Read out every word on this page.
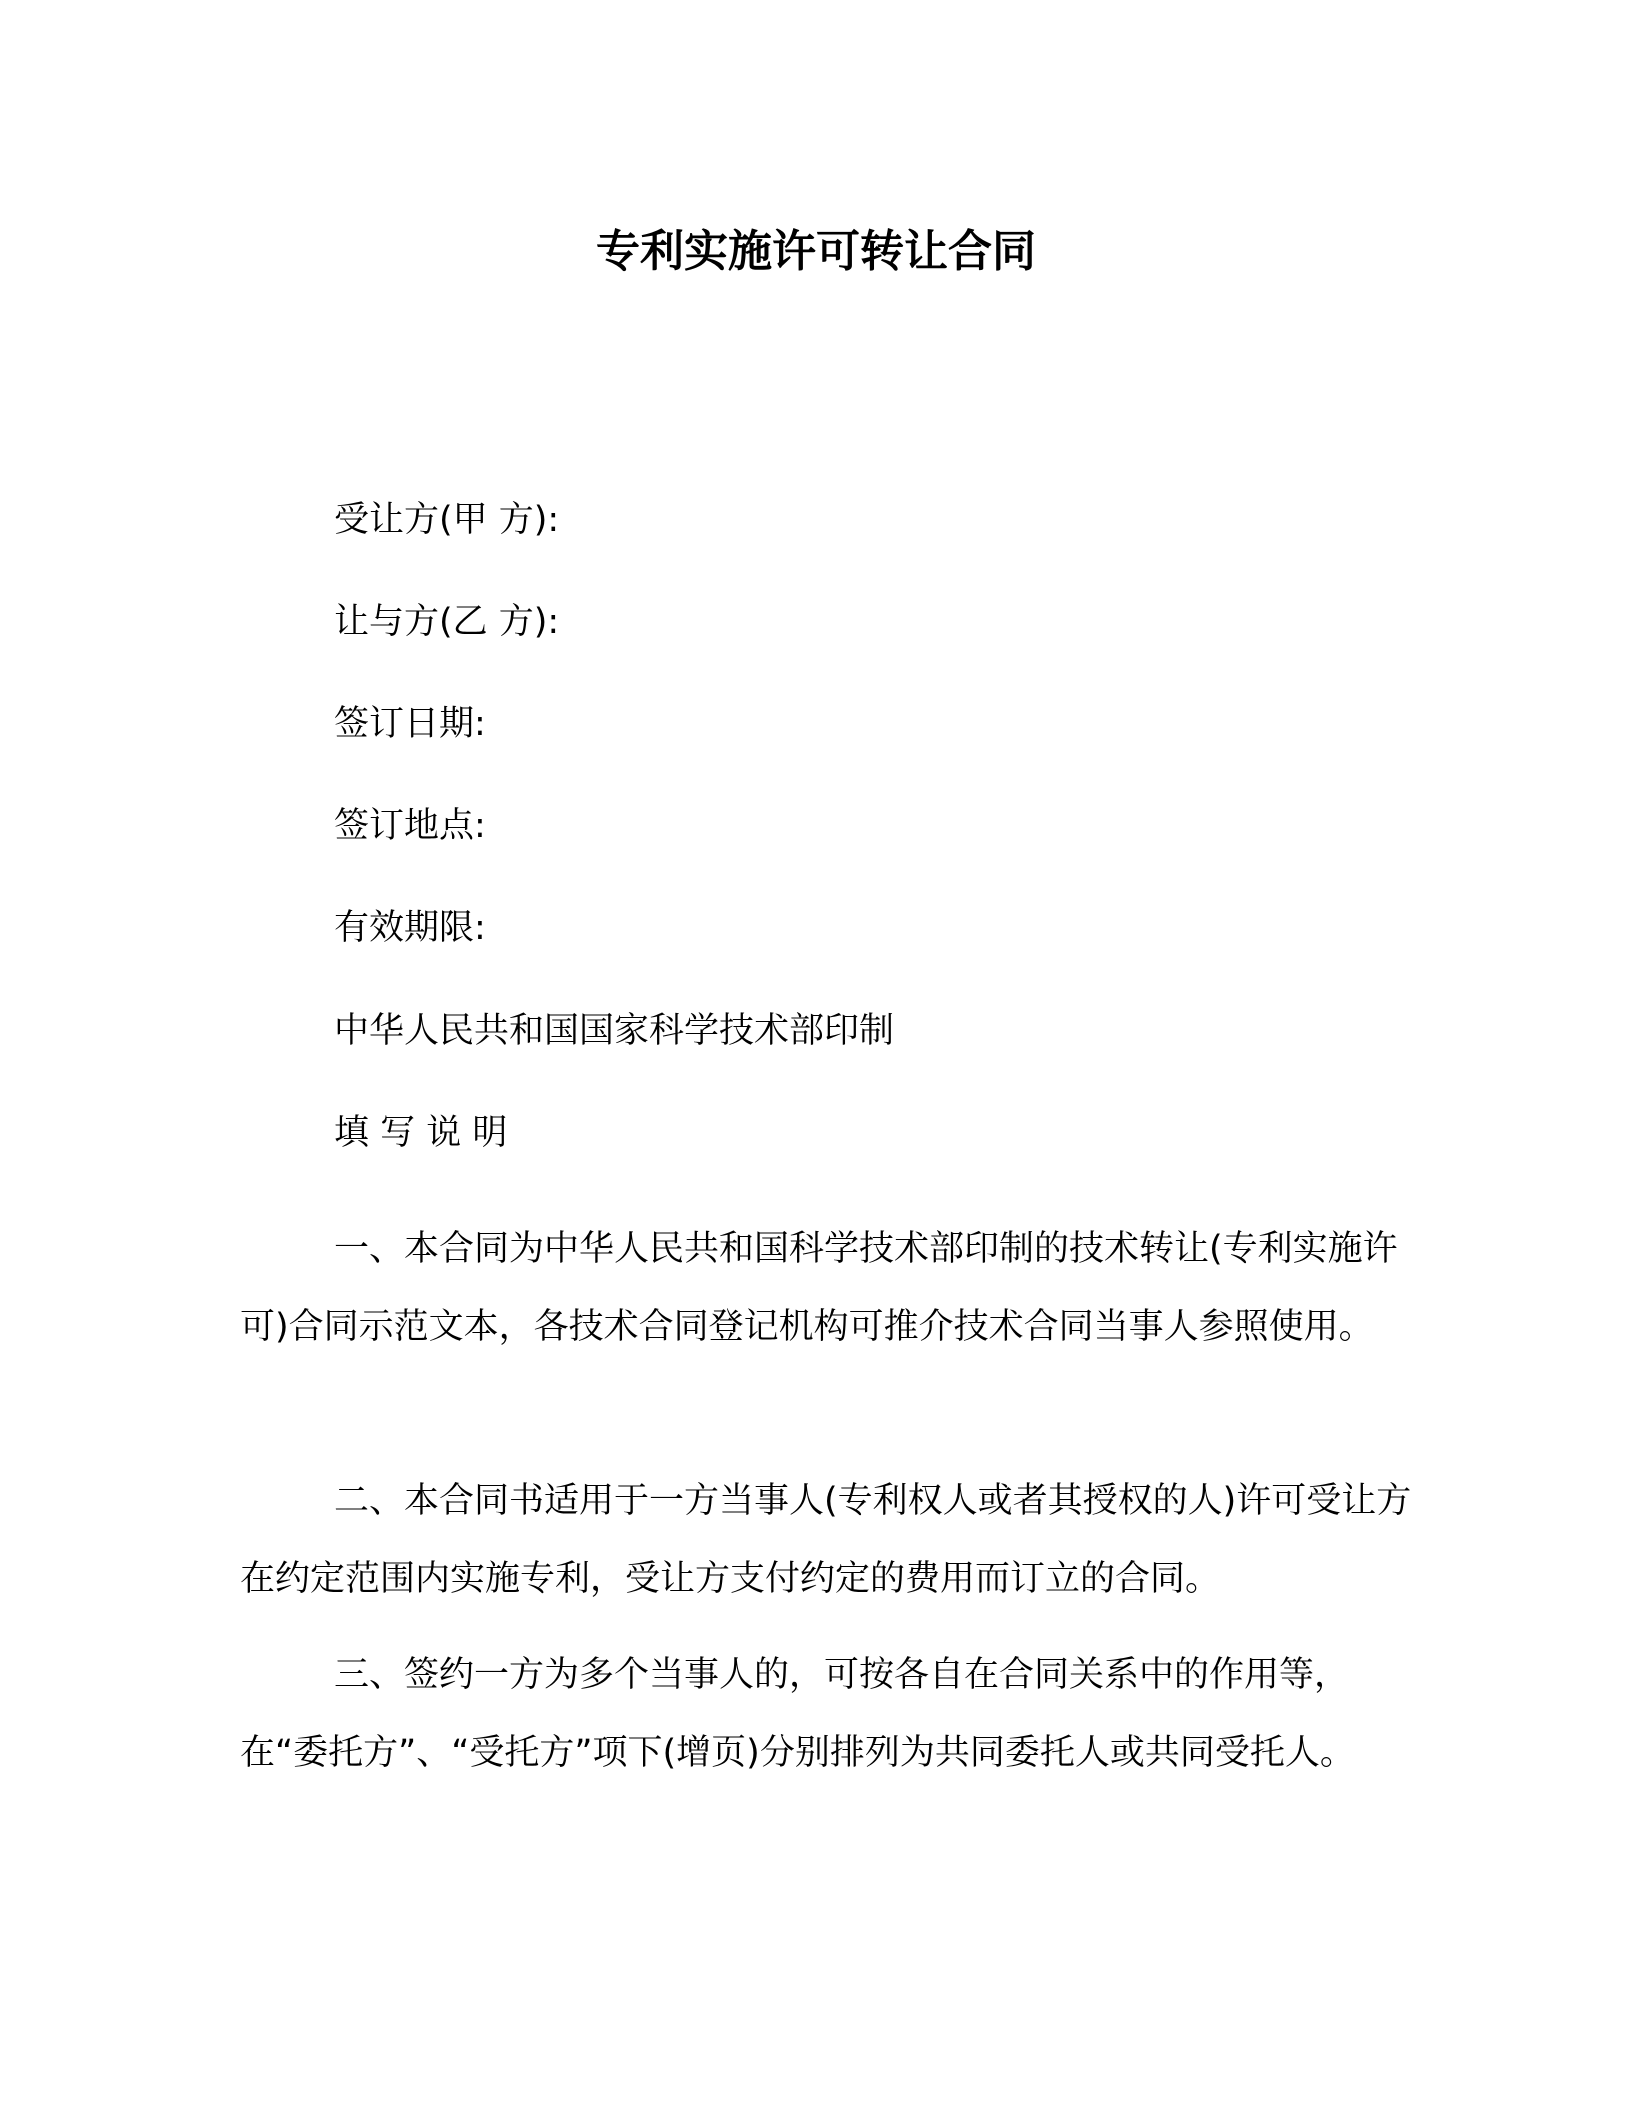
专利实施许可转让合同

受让方(甲 方):

让与方(乙 方):

签订日期:

签订地点:

有效期限:

中华人民共和国国家科学技术部印制

填 写 说 明

一、本合同为中华人民共和国科学技术部印制的技术转让(专利实施许可)合同示范文本，各技术合同登记机构可推介技术合同当事人参照使用。

二、本合同书适用于一方当事人(专利权人或者其授权的人)许可受让方在约定范围内实施专利，受让方支付约定的费用而订立的合同。

三、签约一方为多个当事人的，可按各自在合同关系中的作用等，在“委托方”、“受托方”项下(增页)分别排列为共同委托人或共同受托人。
